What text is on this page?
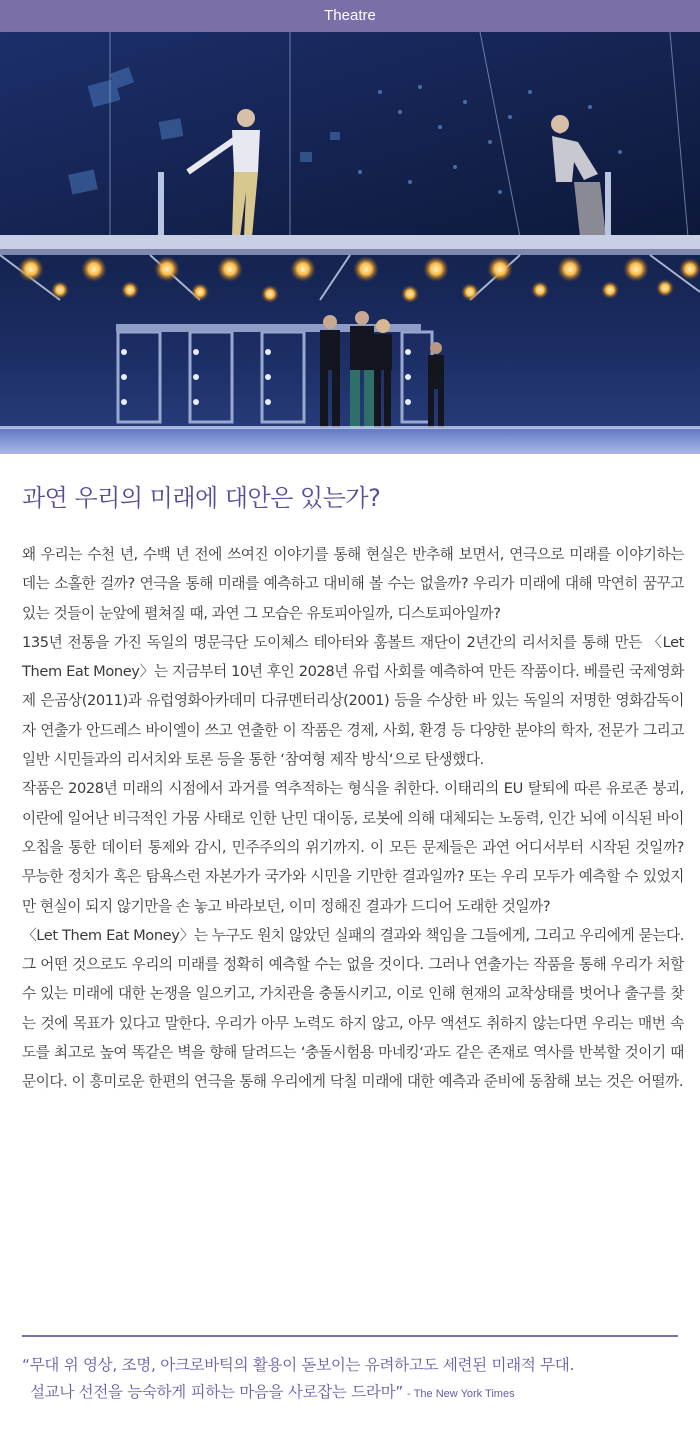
Theatre
과연 우리의 미래에 대안은 있는가?

왜 우리는 수천 년, 수백 년 전에 쓰여진 이야기를 통해 현실은 반추해 보면서, 연극으로 미래를 이야기하는 데는 소홀한 걸까? 연극을 통해 미래를 예측하고 대비해 볼 수는 없을까? 우리가 미래에 대해 막연히 꿈꾸고 있는 것들이 눈앞에 펼쳐질 때, 과연 그 모습은 유토피아일까, 디스토피아일까?

135년 전통을 가진 독일의 명문극단 도이체스 테아터와 훔볼트 재단이 2년간의 리서치를 통해 만든 〈Let Them Eat Money〉는 지금부터 10년 후인 2028년 유럽 사회를 예측하여 만든 작품이다. 베를린 국제영화제 은곰상(2011)과 유럽영화아카데미 다큐멘터리상(2001) 등을 수상한 바 있는 독일의 저명한 영화감독이자 연출가 안드레스 바이엘이 쓰고 연출한 이 작품은 경제, 사회, 환경 등 다양한 분야의 학자, 전문가 그리고 일반 시민들과의 리서치와 토론 등을 통한 ‘참여형 제작 방식‘으로 탄생했다.

작품은 2028년 미래의 시점에서 과거를 역추적하는 형식을 취한다. 이태리의 EU 탈퇴에 따른 유로존 붕괴, 이란에 일어난 비극적인 가뭄 사태로 인한 난민 대이동, 로봇에 의해 대체되는 노동력, 인간 뇌에 이식된 바이오칩을 통한 데이터 통제와 감시, 민주주의의 위기까지. 이 모든 문제들은 과연 어디서부터 시작된 것일까? 무능한 정치가 혹은 탐욕스런 자본가가 국가와 시민을 기만한 결과일까? 또는 우리 모두가 예측할 수 있었지만 현실이 되지 않기만을 손 놓고 바라보던, 이미 정해진 결과가 드디어 도래한 것일까?

〈Let Them Eat Money〉는 누구도 원치 않았던 실패의 결과와 책임을 그들에게, 그리고 우리에게 묻는다. 그 어떤 것으로도 우리의 미래를 정확히 예측할 수는 없을 것이다. 그러나 연출가는 작품을 통해 우리가 처할 수 있는 미래에 대한 논쟁을 일으키고, 가치관을 충돌시키고, 이로 인해 현재의 교착상태를 벗어나 출구를 찾는 것에 목표가 있다고 말한다. 우리가 아무 노력도 하지 않고, 아무 액션도 취하지 않는다면 우리는 매번 속도를 최고로 높여 똑같은 벽을 향해 달려드는 ‘충돌시험용 마네킹‘과도 같은 존재로 역사를 반복할 것이기 때문이다. 이 흥미로운 한편의 연극을 통해 우리에게 닥칠 미래에 대한 예측과 준비에 동참해 보는 것은 어떨까.

“무대 위 영상, 조명, 아크로바틱의 활용이 돋보이는 유려하고도 세련된 미래적 무대.
설교나 선전을 능숙하게 피하는 마음을 사로잡는 드라마” - The New York Times
